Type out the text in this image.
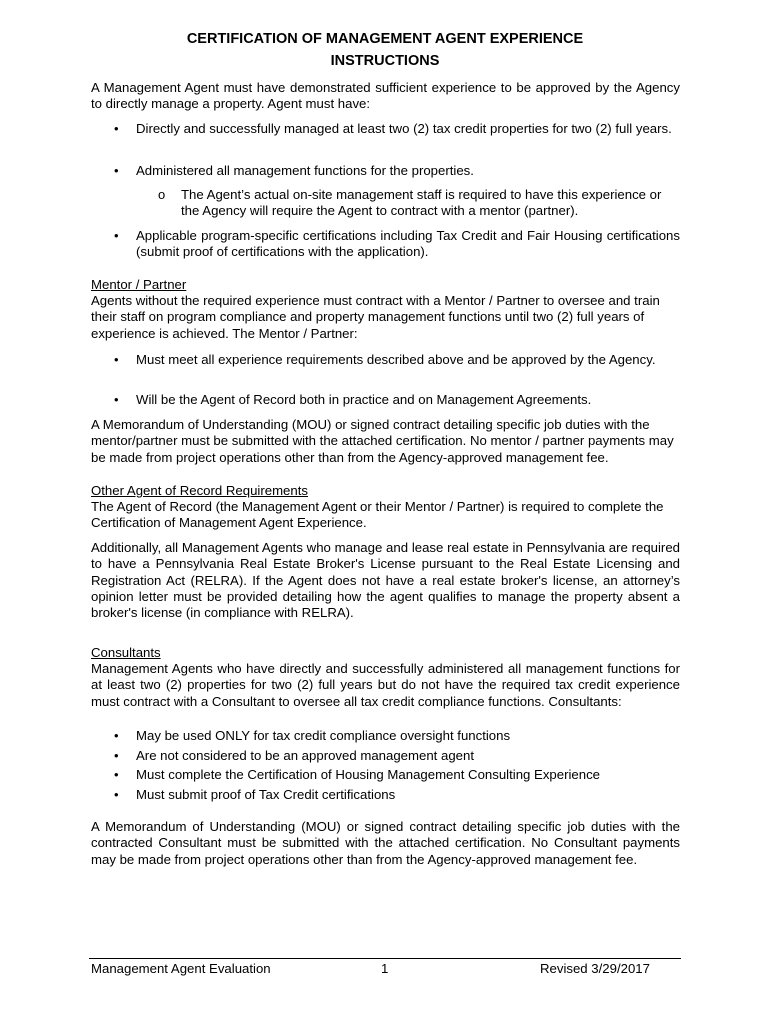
CERTIFICATION OF MANAGEMENT AGENT EXPERIENCE
INSTRUCTIONS

A Management Agent must have demonstrated sufficient experience to be approved by the Agency to directly manage a property. Agent must have:

• Directly and successfully managed at least two (2) tax credit properties for two (2) full years.

• Administered all management functions for the properties.

o The Agent’s actual on-site management staff is required to have this experience or the Agency will require the Agent to contract with a mentor (partner).

• Applicable program-specific certifications including Tax Credit and Fair Housing certifications (submit proof of certifications with the application).

Mentor / Partner

Agents without the required experience must contract with a Mentor / Partner to oversee and train their staff on program compliance and property management functions until two (2) full years of experience is achieved. The Mentor / Partner:

• Must meet all experience requirements described above and be approved by the Agency.

• Will be the Agent of Record both in practice and on Management Agreements.

A Memorandum of Understanding (MOU) or signed contract detailing specific job duties with the mentor/partner must be submitted with the attached certification. No mentor / partner payments may be made from project operations other than from the Agency-approved management fee.

Other Agent of Record Requirements

The Agent of Record (the Management Agent or their Mentor / Partner) is required to complete the Certification of Management Agent Experience.

Additionally, all Management Agents who manage and lease real estate in Pennsylvania are required to have a Pennsylvania Real Estate Broker's License pursuant to the Real Estate Licensing and Registration Act (RELRA). If the Agent does not have a real estate broker's license, an attorney’s opinion letter must be provided detailing how the agent qualifies to manage the property absent a broker's license (in compliance with RELRA).

Consultants

Management Agents who have directly and successfully administered all management functions for at least two (2) properties for two (2) full years but do not have the required tax credit experience must contract with a Consultant to oversee all tax credit compliance functions. Consultants:

• May be used ONLY for tax credit compliance oversight functions

• Are not considered to be an approved management agent

• Must complete the Certification of Housing Management Consulting Experience

• Must submit proof of Tax Credit certifications

A Memorandum of Understanding (MOU) or signed contract detailing specific job duties with the contracted Consultant must be submitted with the attached certification. No Consultant payments may be made from project operations other than from the Agency-approved management fee.

Management Agent Evaluation	1	Revised 3/29/2017
